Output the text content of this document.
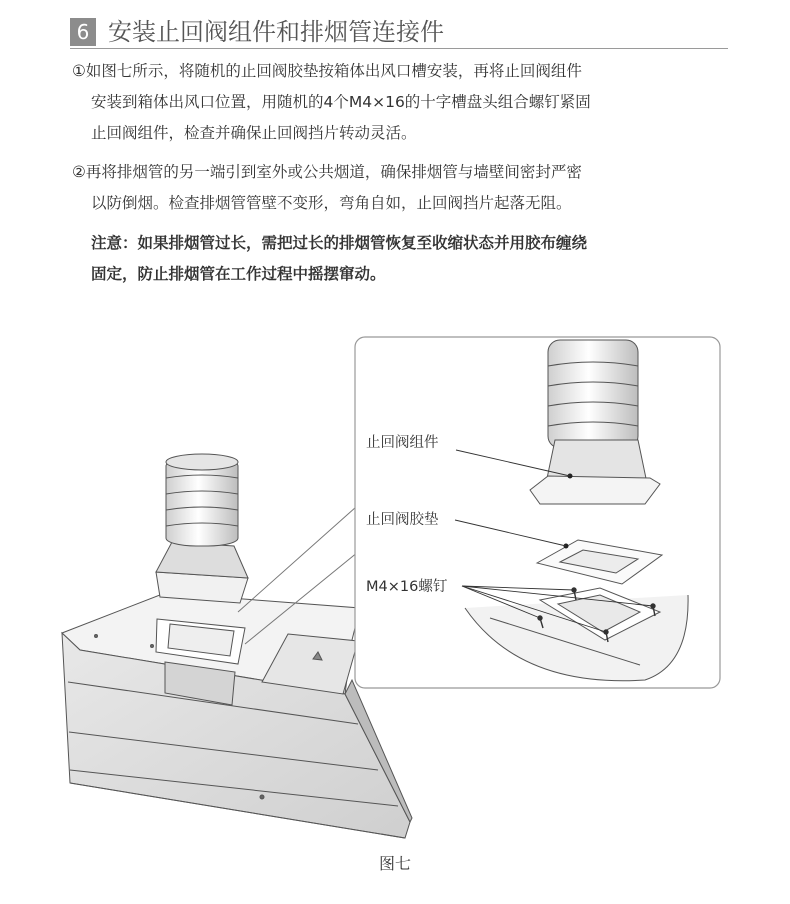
6 安装止回阀组件和排烟管连接件
①如图七所示，将随机的止回阀胶垫按箱体出风口槽安装，再将止回阀组件
安装到箱体出风口位置，用随机的4个M4×16的十字槽盘头组合螺钉紧固
止回阀组件，检查并确保止回阀挡片转动灵活。
②再将排烟管的另一端引到室外或公共烟道，确保排烟管与墙壁间密封严密
以防倒烟。检查排烟管管壁不变形，弯角自如，止回阀挡片起落无阻。
注意：如果排烟管过长，需把过长的排烟管恢复至收缩状态并用胶布缠绕
固定，防止排烟管在工作过程中摇摆窜动。
止回阀组件
止回阀胶垫
M4×16螺钉
图七
